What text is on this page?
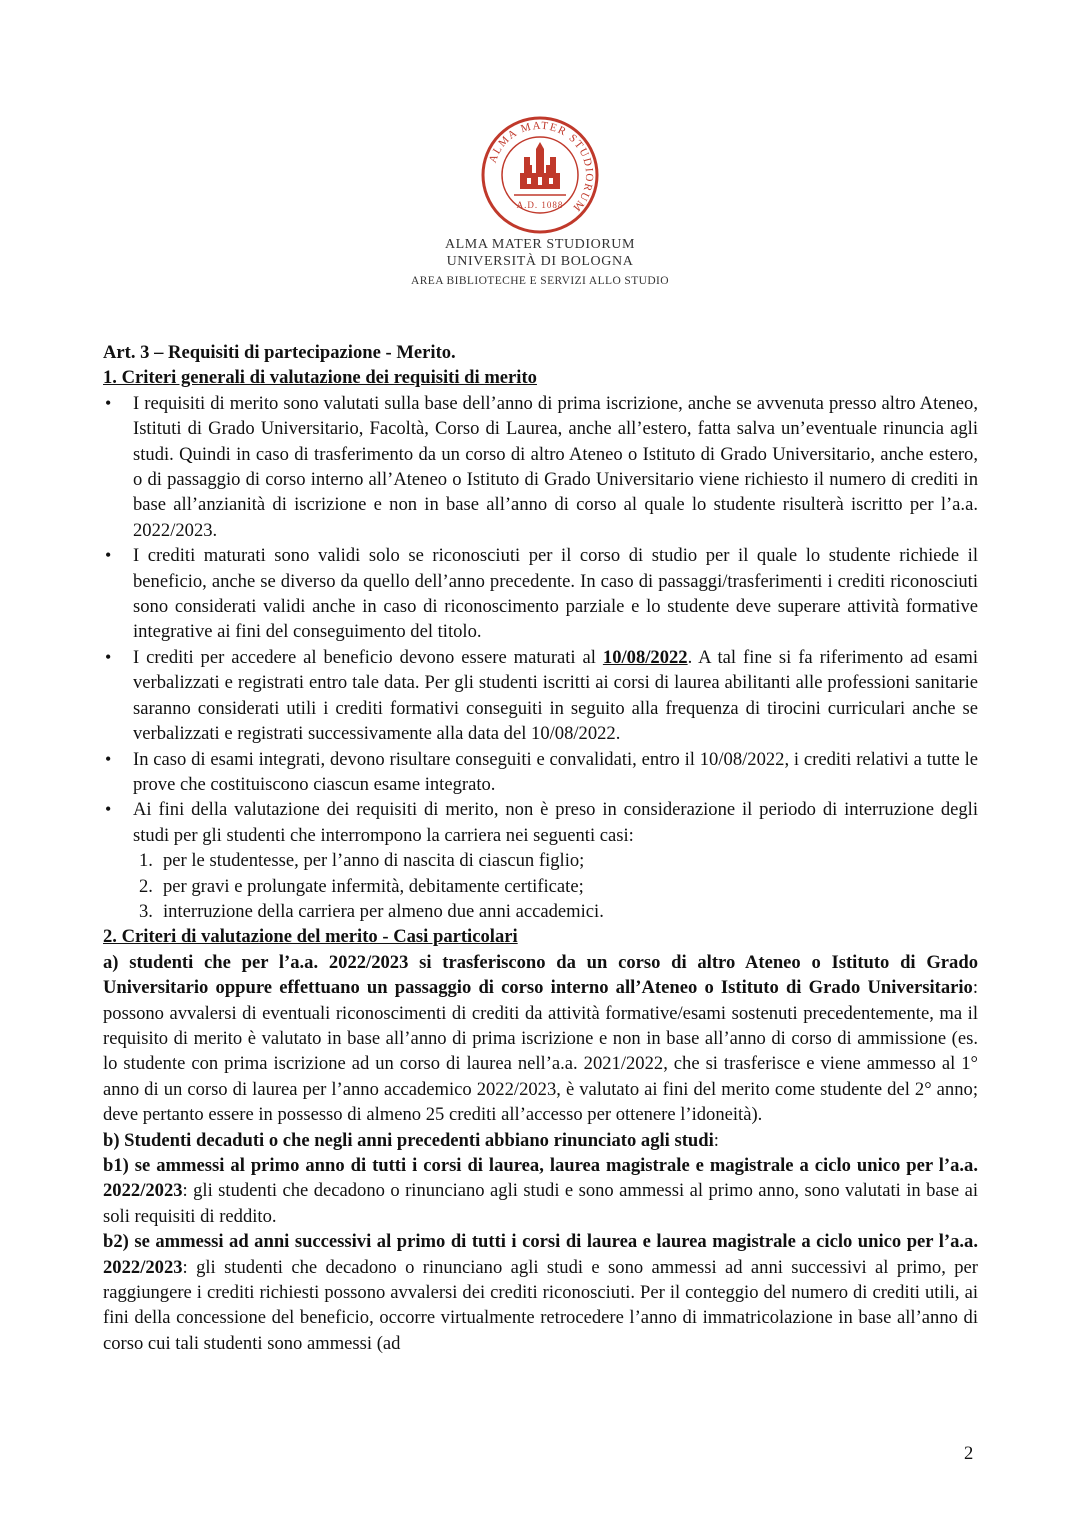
ALMA MATER STUDIORUM
A.D. 1088
ALMA MATER STUDIORUM
UNIVERSITÀ DI BOLOGNA
AREA BIBLIOTECHE E SERVIZI ALLO STUDIO

Art. 3 – Requisiti di partecipazione - Merito.

1. Criteri generali di valutazione dei requisiti di merito

• I requisiti di merito sono valutati sulla base dell’anno di prima iscrizione, anche se avvenuta presso altro Ateneo, Istituti di Grado Universitario, Facoltà, Corso di Laurea, anche all’estero, fatta salva un’eventuale rinuncia agli studi. Quindi in caso di trasferimento da un corso di altro Ateneo o Istituto di Grado Universitario, anche estero, o di passaggio di corso interno all’Ateneo o Istituto di Grado Universitario viene richiesto il numero di crediti in base all’anzianità di iscrizione e non in base all’anno di corso al quale lo studente risulterà iscritto per l’a.a. 2022/2023.
• I crediti maturati sono validi solo se riconosciuti per il corso di studio per il quale lo studente richiede il beneficio, anche se diverso da quello dell’anno precedente. In caso di passaggi/trasferimenti i crediti riconosciuti sono considerati validi anche in caso di riconoscimento parziale e lo studente deve superare attività formative integrative ai fini del conseguimento del titolo.
• I crediti per accedere al beneficio devono essere maturati al 10/08/2022. A tal fine si fa riferimento ad esami verbalizzati e registrati entro tale data. Per gli studenti iscritti ai corsi di laurea abilitanti alle professioni sanitarie saranno considerati utili i crediti formativi conseguiti in seguito alla frequenza di tirocini curriculari anche se verbalizzati e registrati successivamente alla data del 10/08/2022.
• In caso di esami integrati, devono risultare conseguiti e convalidati, entro il 10/08/2022, i crediti relativi a tutte le prove che costituiscono ciascun esame integrato.
• Ai fini della valutazione dei requisiti di merito, non è preso in considerazione il periodo di interruzione degli studi per gli studenti che interrompono la carriera nei seguenti casi:
1. per le studentesse, per l’anno di nascita di ciascun figlio;
2. per gravi e prolungate infermità, debitamente certificate;
3. interruzione della carriera per almeno due anni accademici.

2. Criteri di valutazione del merito - Casi particolari

a) studenti che per l’a.a. 2022/2023 si trasferiscono da un corso di altro Ateneo o Istituto di Grado Universitario oppure effettuano un passaggio di corso interno all’Ateneo o Istituto di Grado Universitario: possono avvalersi di eventuali riconoscimenti di crediti da attività formative/esami sostenuti precedentemente, ma il requisito di merito è valutato in base all’anno di prima iscrizione e non in base all’anno di corso di ammissione (es. lo studente con prima iscrizione ad un corso di laurea nell’a.a. 2021/2022, che si trasferisce e viene ammesso al 1° anno di un corso di laurea per l’anno accademico 2022/2023, è valutato ai fini del merito come studente del 2° anno; deve pertanto essere in possesso di almeno 25 crediti all’accesso per ottenere l’idoneità).

b) Studenti decaduti o che negli anni precedenti abbiano rinunciato agli studi:

b1) se ammessi al primo anno di tutti i corsi di laurea, laurea magistrale e magistrale a ciclo unico per l’a.a. 2022/2023: gli studenti che decadono o rinunciano agli studi e sono ammessi al primo anno, sono valutati in base ai soli requisiti di reddito.

b2) se ammessi ad anni successivi al primo di tutti i corsi di laurea e laurea magistrale a ciclo unico per l’a.a. 2022/2023: gli studenti che decadono o rinunciano agli studi e sono ammessi ad anni successivi al primo, per raggiungere i crediti richiesti possono avvalersi dei crediti riconosciuti. Per il conteggio del numero di crediti utili, ai fini della concessione del beneficio, occorre virtualmente retrocedere l’anno di immatricolazione in base all’anno di corso cui tali studenti sono ammessi (ad

2
